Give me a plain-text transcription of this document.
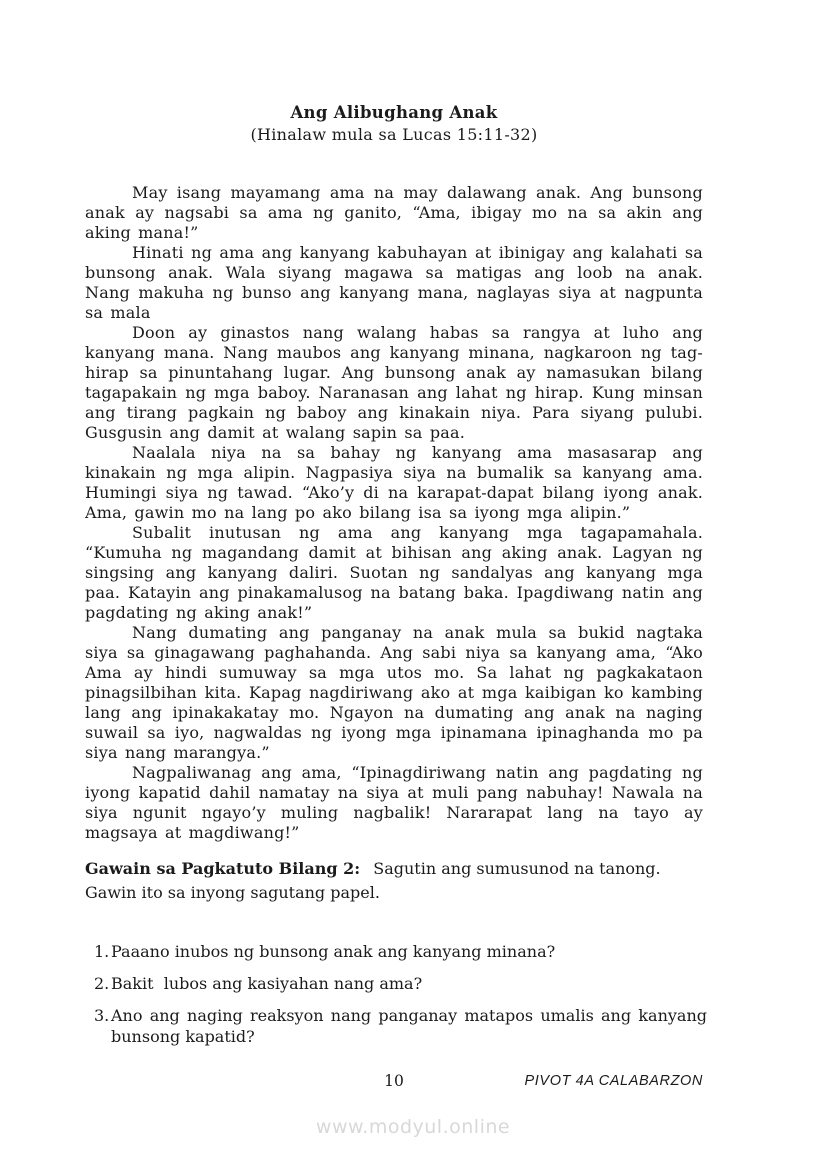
Ang Alibughang Anak
(Hinalaw mula sa Lucas 15:11-32)

May isang mayamang ama na may dalawang anak. Ang bunsong anak ay nagsabi sa ama ng ganito, “Ama, ibigay mo na sa akin ang aking mana!”

Hinati ng ama ang kanyang kabuhayan at ibinigay ang kalahati sa bunsong anak. Wala siyang magawa sa matigas ang loob na anak. Nang makuha ng bunso ang kanyang mana, naglayas siya at nagpunta sa mala

Doon ay ginastos nang walang habas sa rangya at luho ang kanyang mana. Nang maubos ang kanyang minana, nagkaroon ng tag-hirap sa pinuntahang lugar. Ang bunsong anak ay namasukan bilang tagapakain ng mga baboy. Naranasan ang lahat ng hirap. Kung minsan ang tirang pagkain ng baboy ang kinakain niya. Para siyang pulubi. Gusgusin ang damit at walang sapin sa paa.

Naalala niya na sa bahay ng kanyang ama masasarap ang kinakain ng mga alipin. Nagpasiya siya na bumalik sa kanyang ama. Humingi siya ng tawad. “Ako’y di na karapat-dapat bilang iyong anak. Ama, gawin mo na lang po ako bilang isa sa iyong mga alipin.”

Subalit inutusan ng ama ang kanyang mga tagapamahala. “Kumuha ng magandang damit at bihisan ang aking anak. Lagyan ng singsing ang kanyang daliri. Suotan ng sandalyas ang kanyang mga paa. Katayin ang pinakamalusog na batang baka. Ipagdiwang natin ang pagdating ng aking anak!”

Nang dumating ang panganay na anak mula sa bukid nagtaka siya sa ginagawang paghahanda. Ang sabi niya sa kanyang ama, “Ako Ama ay hindi sumuway sa mga utos mo. Sa lahat ng pagkakataon pinagsilbihan kita. Kapag nagdiriwang ako at mga kaibigan ko kambing lang ang ipinakakatay mo. Ngayon na dumating ang anak na naging suwail sa iyo, nagwaldas ng iyong mga ipinamana ipinaghanda mo pa siya nang marangya.”

Nagpaliwanag ang ama, “Ipinagdiriwang natin ang pagdating ng iyong kapatid dahil namatay na siya at muli pang nabuhay! Nawala na siya ngunit ngayo’y muling nagbalik! Nararapat lang na tayo ay magsaya at magdiwang!”

Gawain sa Pagkatuto Bilang 2: Sagutin ang sumusunod na tanong.

Gawin ito sa inyong sagutang papel.

1. Paaano inubos ng bunsong anak ang kanyang minana?
2. Bakit  lubos ang kasiyahan nang ama?
3. Ano ang naging reaksyon nang panganay matapos umalis ang kanyang bunsong kapatid?
10	PIVOT 4A CALABARZON
www.modyul.online
